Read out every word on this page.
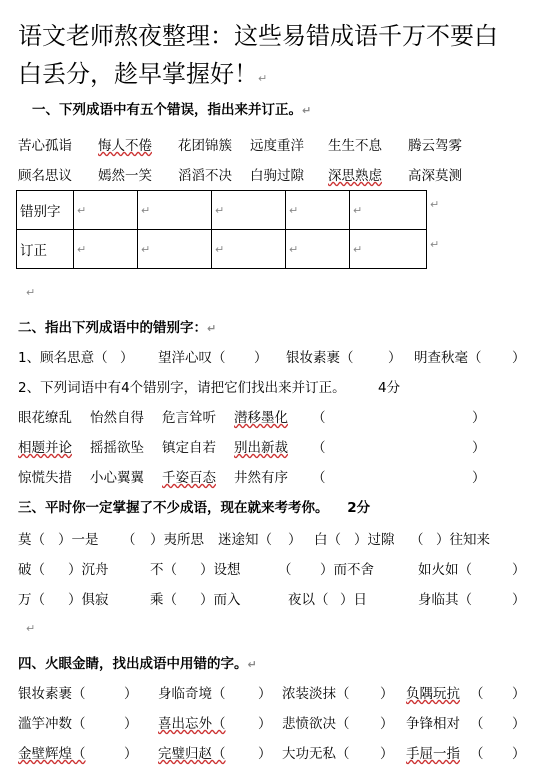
语文老师熬夜整理：这些易错成语千万不要白
白丢分，趁早掌握好！↵
一、下列成语中有五个错误，指出来并订正。↵
苦心孤诣 悔人不倦 花团锦簇 远度重洋 生生不息 腾云驾雾
顾名思议 嫣然一笑 滔滔不决 白驹过隙 深思熟虑 高深莫测
错别字	↵	↵	↵	↵	↵
订正	↵	↵	↵	↵	↵
↵
↵
↵
二、指出下列成语中的错别字：↵
1、顾名思意（ ） 望洋心叹（ ） 银妆素裹（	） 明查秋毫（ ）
2、下列词语中有4个错别字，请把它们找出来并订正。 4分
眼花缭乱 怡然自得 危言耸听 潜移墨化 （	）
相题并论 摇摇欲坠 镇定自若 别出新裁 （	）
惊慌失措 小心翼翼 千姿百态 井然有序 （	）
三、平时你一定掌握了不少成语，现在就来考考你。 2分
莫（ ）一是 （ ）夷所思 迷途知（ ） 白（ ）过隙 （ ）往知来
破（ ）沉舟	不（ ）设想	（ ）而不舍	如火如（	）
万（ ）俱寂	乘（ ）而入	夜以（ ）日	身临其（	）
↵
四、火眼金睛，找出成语中用错的字。↵
银妆素裹（	） 身临奇境（ ） 浓装淡抹（ ） 负隅玩抗 （ ）
滥竽冲数（	） 喜出忘外（ ） 悲愤欲决（ ） 争锋相对 （ ）
金壁辉煌（	） 完璧归赵（ ） 大功无私（ ） 手屈一指 （ ）
